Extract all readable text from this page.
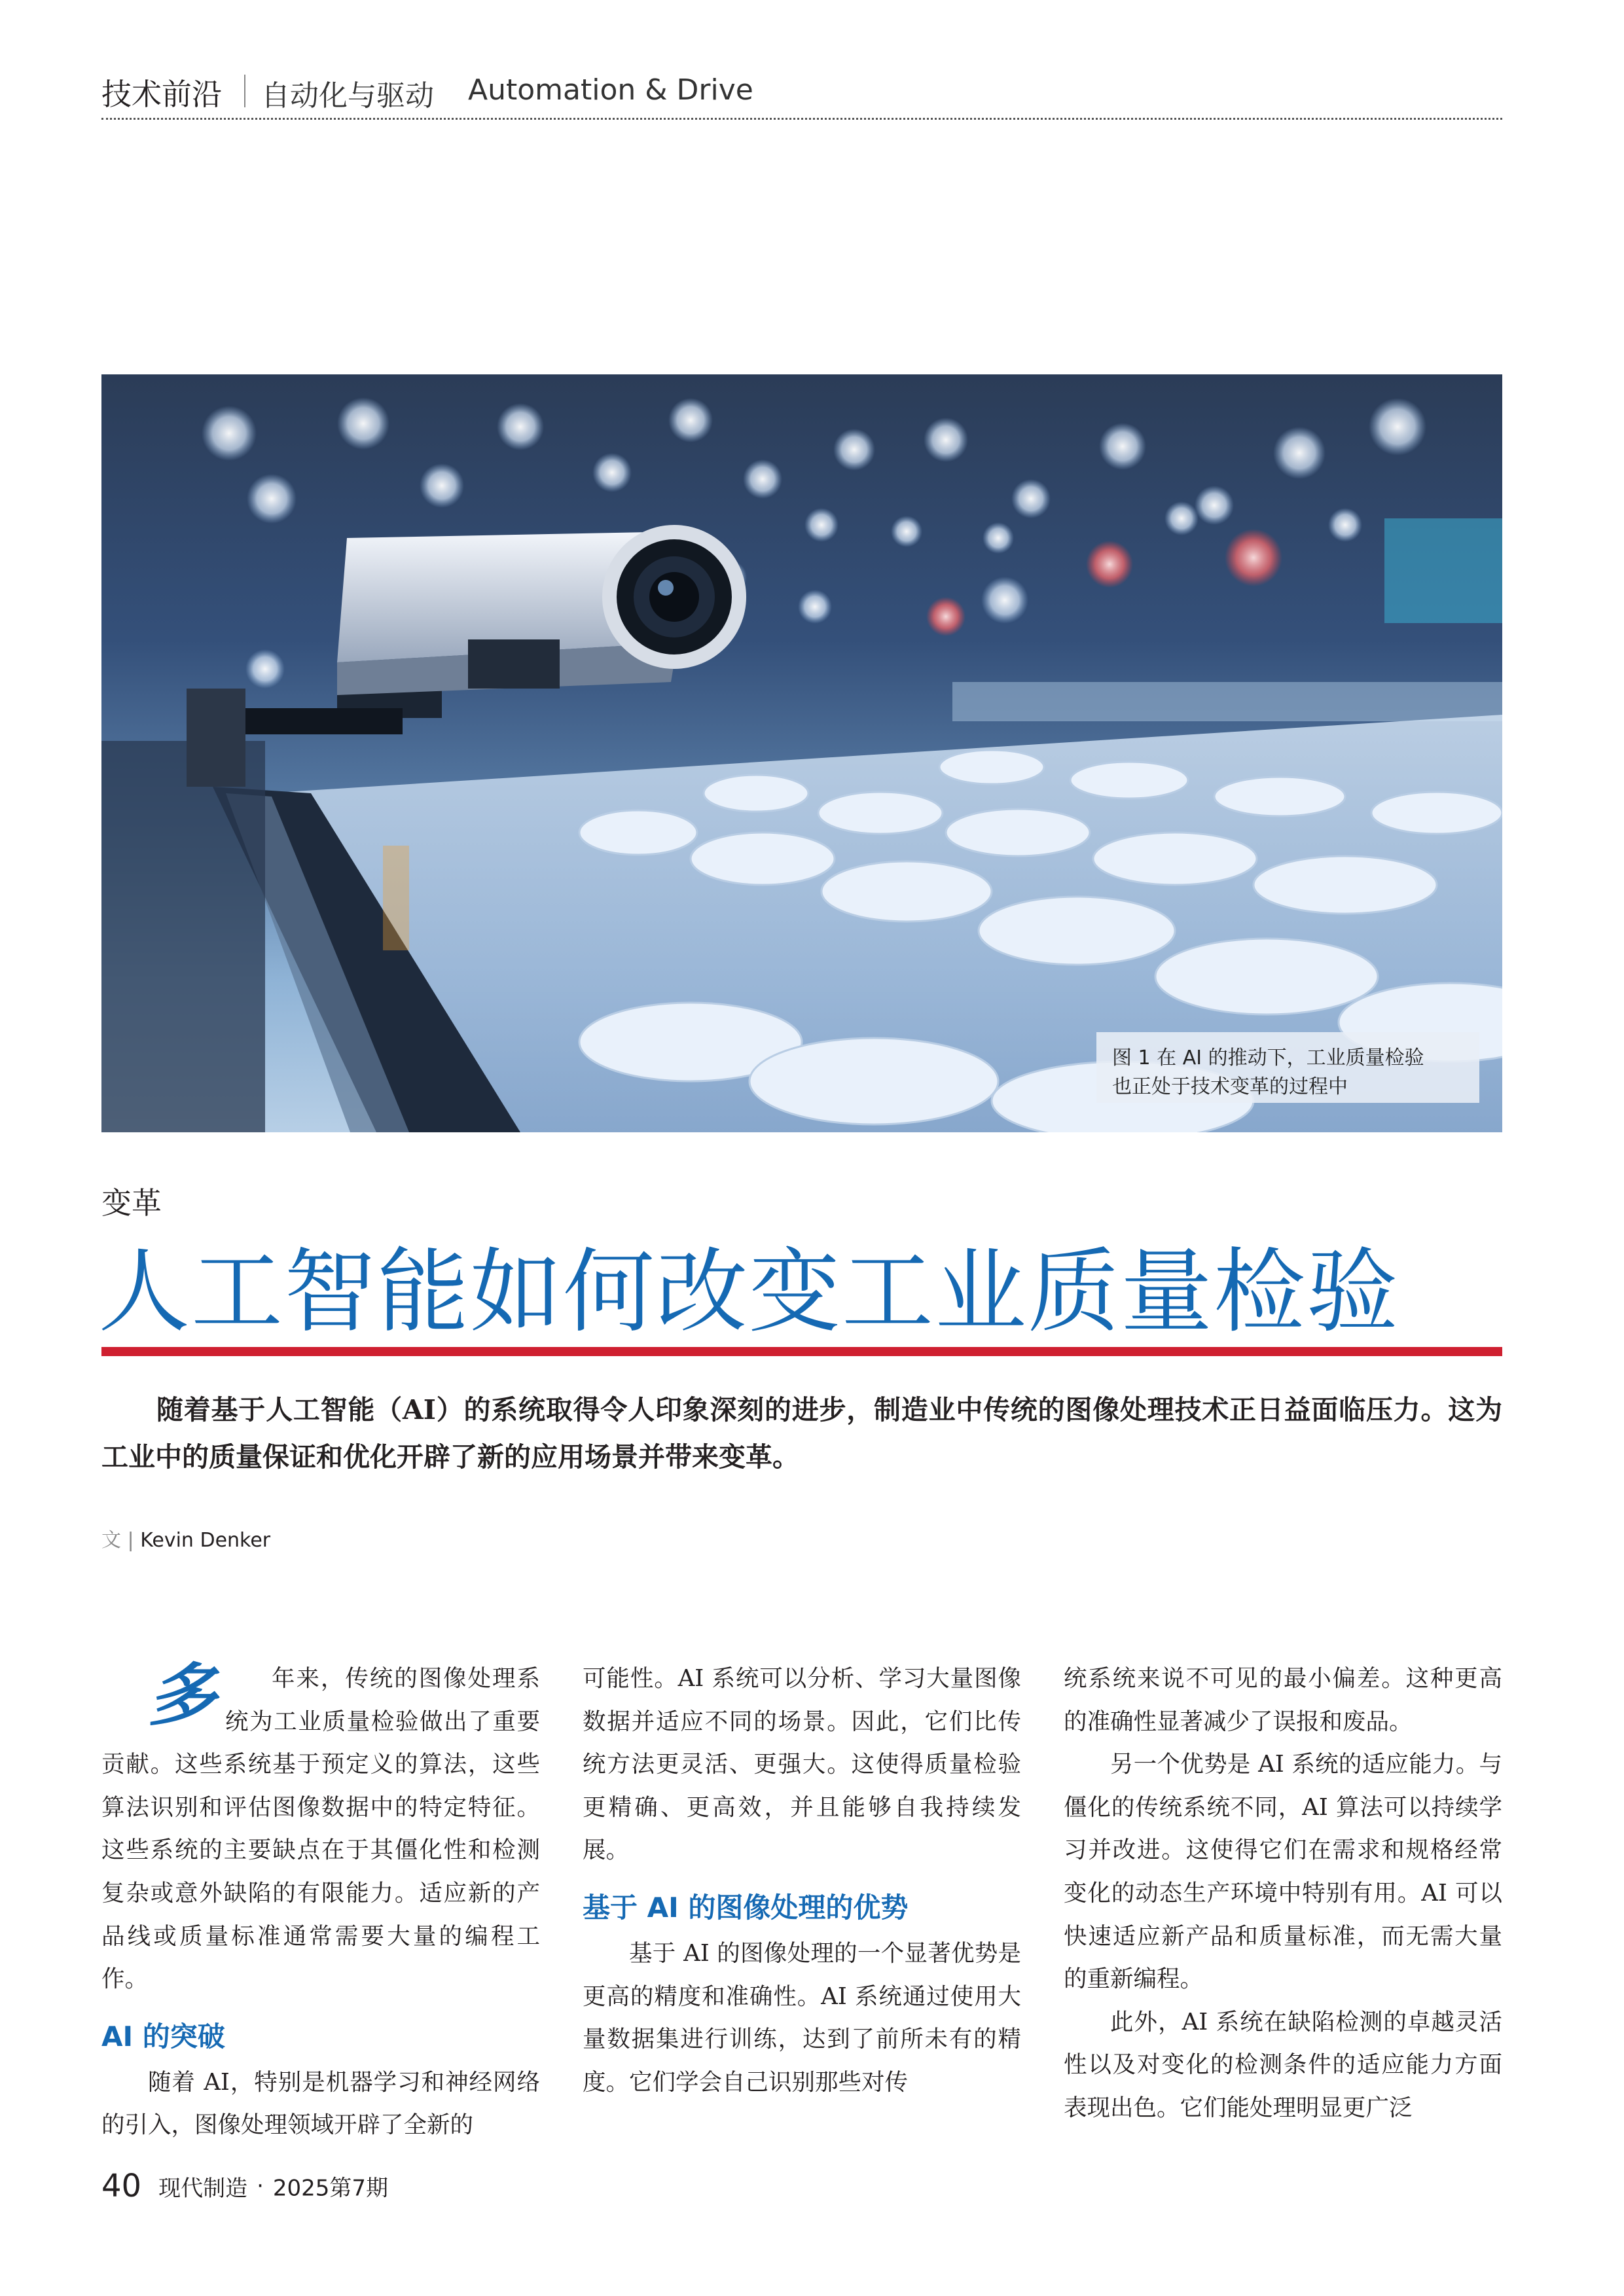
技术前沿 自动化与驱动 Automation & Drive
图 1 在 AI 的推动下，工业质量检验
也正处于技术变革的过程中
变革
人工智能如何改变工业质量检验
随着基于人工智能（AI）的系统取得令人印象深刻的进步，制造业中传统的图像处理技术正日益面临压力。这为工业中的质量保证和优化开辟了新的应用场景并带来变革。
文 | Kevin Denker

多 年来，传统的图像处理系统为工业质量检验做出了重要贡献。这些系统基于预定义的算法，这些算法识别和评估图像数据中的特定特征。这些系统的主要缺点在于其僵化性和检测复杂或意外缺陷的有限能力。适应新的产品线或质量标准通常需要大量的编程工作。

AI 的突破

随着 AI，特别是机器学习和神经网络的引入，图像处理领域开辟了全新的

可能性。AI 系统可以分析、学习大量图像数据并适应不同的场景。因此，它们比传统方法更灵活、更强大。这使得质量检验更精确、更高效，并且能够自我持续发展。

基于 AI 的图像处理的优势

基于 AI 的图像处理的一个显著优势是更高的精度和准确性。AI 系统通过使用大量数据集进行训练，达到了前所未有的精度。它们学会自己识别那些对传

统系统来说不可见的最小偏差。这种更高的准确性显著减少了误报和废品。

另一个优势是 AI 系统的适应能力。与僵化的传统系统不同，AI 算法可以持续学习并改进。这使得它们在需求和规格经常变化的动态生产环境中特别有用。AI 可以快速适应新产品和质量标准，而无需大量的重新编程。

此外，AI 系统在缺陷检测的卓越灵活性以及对变化的检测条件的适应能力方面表现出色。它们能处理明显更广泛

40 现代制造 · 2025第7期
